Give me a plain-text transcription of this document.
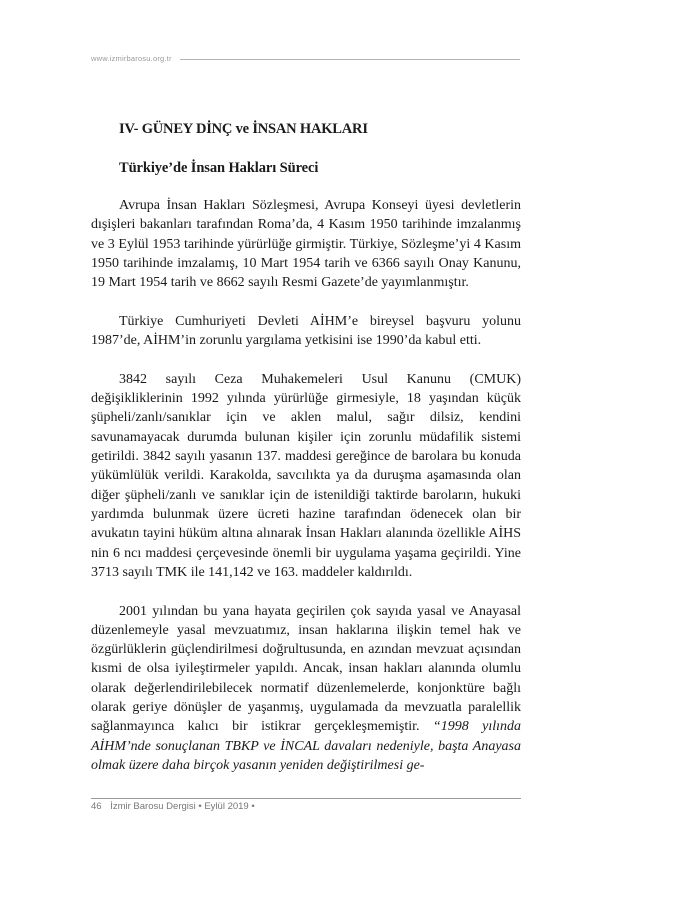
www.izmirbarosu.org.tr
IV- GÜNEY DİNÇ ve İNSAN HAKLARI
Türkiye’de İnsan Hakları Süreci

Avrupa İnsan Hakları Sözleşmesi, Avrupa Konseyi üyesi devletlerin dışişleri bakanları tarafından Roma’da, 4 Kasım 1950 tarihinde imzalanmış ve 3 Eylül 1953 tarihinde yürürlüğe girmiştir. Türkiye, Sözleşme’yi 4 Kasım 1950 tarihinde imzalamış, 10 Mart 1954 tarih ve 6366 sayılı Onay Kanunu, 19 Mart 1954 tarih ve 8662 sayılı Resmi Gazete’de yayımlanmıştır.

Türkiye Cumhuriyeti Devleti AİHM’e bireysel başvuru yolunu 1987’de, AİHM’in zorunlu yargılama yetkisini ise 1990’da kabul etti.

3842 sayılı Ceza Muhakemeleri Usul Kanunu (CMUK) değişikliklerinin 1992 yılında yürürlüğe girmesiyle, 18 yaşından küçük şüpheli/zanlı/sanıklar için ve aklen malul, sağır dilsiz, kendini savunamayacak durumda bulunan kişiler için zorunlu müdafilik sistemi getirildi. 3842 sayılı yasanın 137. maddesi gereğince de barolara bu konuda yükümlülük verildi. Karakolda, savcılıkta ya da duruşma aşamasında olan diğer şüpheli/zanlı ve sanıklar için de istenildiği taktirde baroların, hukuki yardımda bulunmak üzere ücreti hazine tarafından ödenecek olan bir avukatın tayini hüküm altına alınarak İnsan Hakları alanında özellikle AİHS nin 6 ncı maddesi çerçevesinde önemli bir uygulama yaşama geçirildi. Yine 3713 sayılı TMK ile 141,142 ve 163. maddeler kaldırıldı.

2001 yılından bu yana hayata geçirilen çok sayıda yasal ve Anayasal düzenlemeyle yasal mevzuatımız, insan haklarına ilişkin temel hak ve özgürlüklerin güçlendirilmesi doğrultusunda, en azından mevzuat açısından kısmi de olsa iyileştirmeler yapıldı. Ancak, insan hakları alanında olumlu olarak değerlendirilebilecek normatif düzenlemelerde, konjonktüre bağlı olarak geriye dönüşler de yaşanmış, uygulamada da mevzuatla paralellik sağlanmayınca kalıcı bir istikrar gerçekleşmemiştir. “1998 yılında AİHM’nde sonuçlanan TBKP ve İNCAL davaları nedeniyle, başta Anayasa olmak üzere daha birçok yasanın yeniden değiştirilmesi ge-

46 İzmir Barosu Dergisi • Eylül 2019 •
